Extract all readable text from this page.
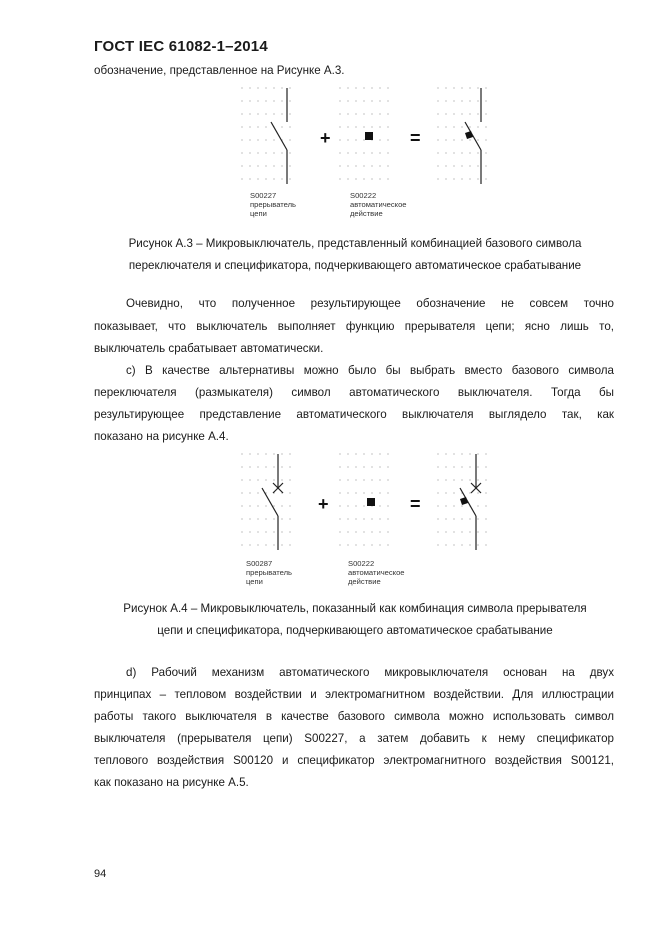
ГОСТ IEC 61082-1–2014

обозначение, представленное на Рисунке А.3.

+	=
S00227
прерыватель
цепи
S00222
автоматическое
действие
Рисунок А.3 – Микровыключатель, представленный комбинацией базового символа
переключателя и спецификатора, подчеркивающего автоматическое срабатывание
Очевидно, что полученное результирующее обозначение не совсем точно
показывает, что выключатель выполняет функцию прерывателя цепи; ясно лишь то,
выключатель срабатывает автоматически.
c) В качестве альтернативы можно было бы выбрать вместо базового символа
переключателя (размыкателя) символ автоматического выключателя. Тогда бы
результирующее представление автоматического выключателя выглядело так, как
показано на рисунке А.4.
+	=
S00287
прерыватель
цепи
S00222
автоматическое
действие
Рисунок А.4 – Микровыключатель, показанный как комбинация символа прерывателя
цепи и спецификатора, подчеркивающего автоматическое срабатывание
d) Рабочий механизм автоматического микровыключателя основан на двух
принципах – тепловом воздействии и электромагнитном воздействии. Для иллюстрации
работы такого выключателя в качестве базового символа можно использовать символ
выключателя (прерывателя цепи) S00227, а затем добавить к нему спецификатор
теплового воздействия S00120 и спецификатор электромагнитного воздействия S00121,
как показано на рисунке А.5.
94
